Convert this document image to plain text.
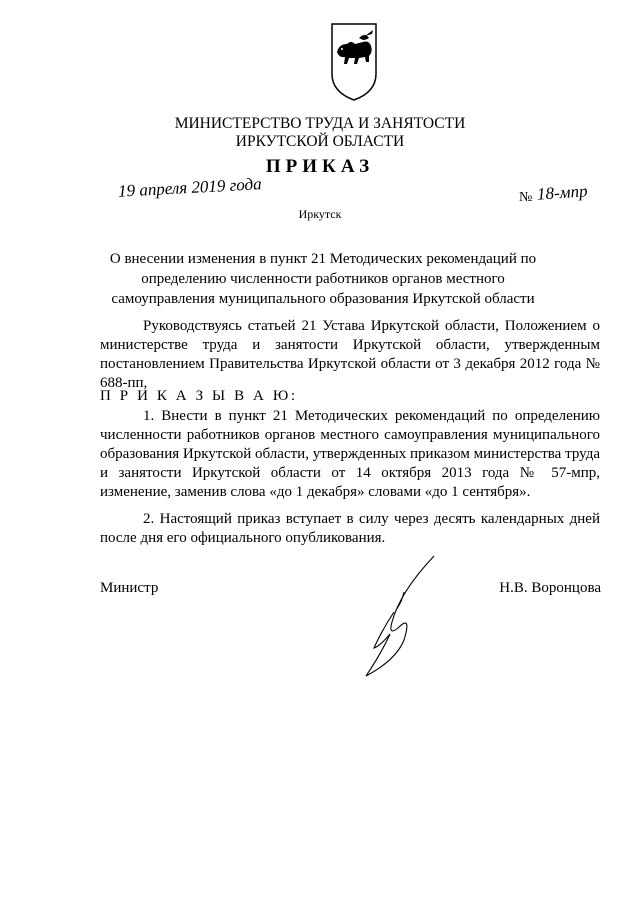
МИНИСТЕРСТВО ТРУДА И ЗАНЯТОСТИ
ИРКУТСКОЙ ОБЛАСТИ
ПРИКАЗ
19 апреля 2019 года	№ 18-мпр
Иркутск
О внесении изменения в пункт 21 Методических рекомендаций по определению численности работников органов местного самоуправления муниципального образования Иркутской области
Руководствуясь статьей 21 Устава Иркутской области, Положением о министерстве труда и занятости Иркутской области, утвержденным постановлением Правительства Иркутской области от 3 декабря 2012 года № 688-пп,
П Р И К А З Ы В А Ю:
1. Внести в пункт 21 Методических рекомендаций по определению численности работников органов местного самоуправления муниципального образования Иркутской области, утвержденных приказом министерства труда и занятости Иркутской области от 14 октября 2013 года № 57-мпр, изменение, заменив слова «до 1 декабря» словами «до 1 сентября».
2. Настоящий приказ вступает в силу через десять календарных дней после дня его официального опубликования.
Министр	Н.В. Воронцова
